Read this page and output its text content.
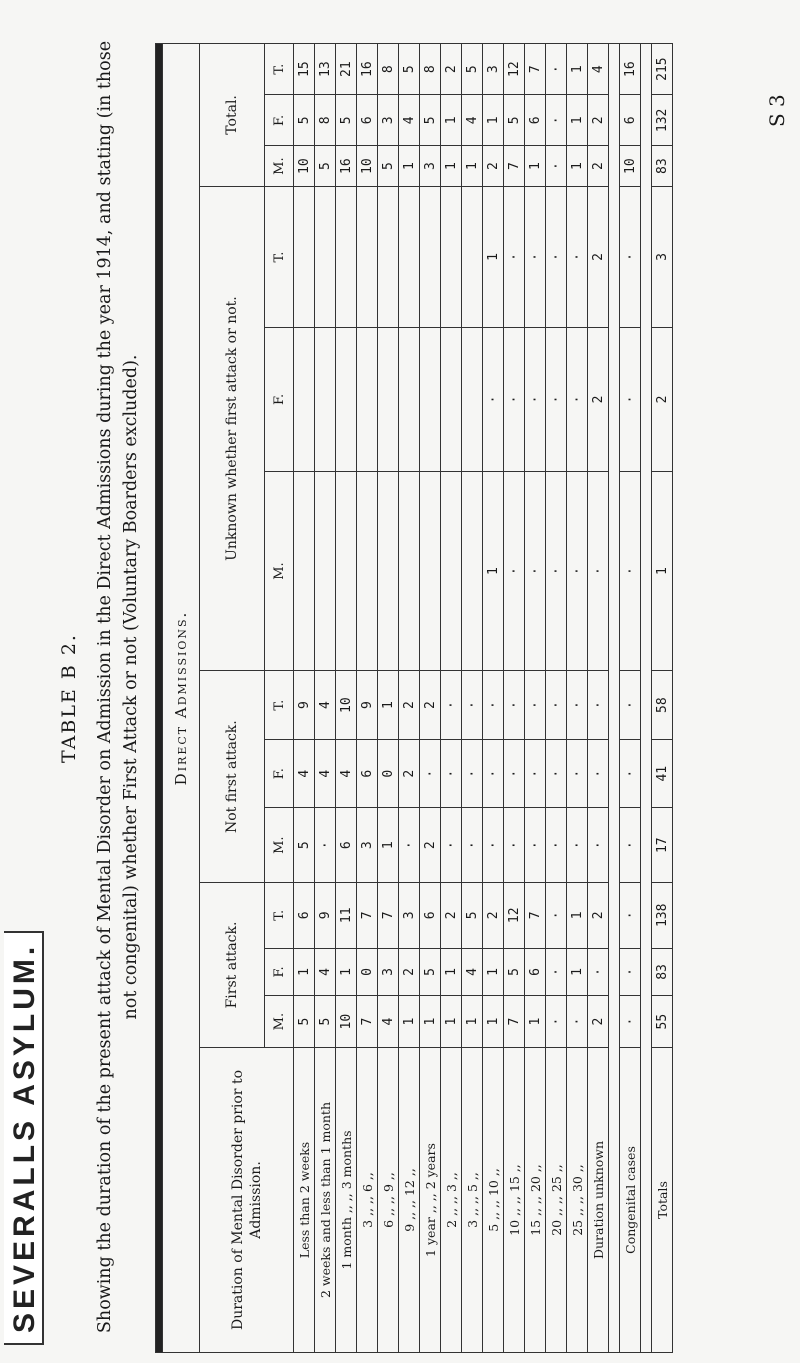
SEVERALLS ASYLUM.
TABLE B 2. Showing the duration of the present attack of Mental Disorder on Admission in the Direct Admissions during the year 1914, and stating (in those not congenital) whether First Attack or not (Voluntary Boarders excluded). Direct Admissions.												
Duration of Mental Disorder prior to Admission.	First attack.			Not first attack.			Unknown whether first attack or not.			Total.		
	M.	F.	T.	M.	F.	T.	M.	F.	T.	M.	F.	T.
Less than 2 weeks	5	1	6	5	4	9				10	5	15
2 weeks and less than 1 month	5	4	9	·	4	4				5	8	13
1 month ,, ,, 3 months	10	1	11	6	4	10				16	5	21
3 ,, ,, 6 ,,	7	0	7	3	6	9				10	6	16
6 ,, ,, 9 ,,	4	3	7	1	0	1				5	3	8
9 ,, ,, 12 ,,	1	2	3	·	2	2				1	4	5
1 year ,, ,, 2 years	1	5	6	2	·	2				3	5	8
2 ,, ,, 3 ,,	1	1	2	·	·	·				1	1	2
3 ,, ,, 5 ,,	1	4	5	·	·	·				1	4	5
5 ,, ,, 10 ,,	1	1	2	·	·	·	1	·	1	2	1	3
10 ,, ,, 15 ,,	7	5	12	·	·	·	·	·	·	7	5	12
15 ,, ,, 20 ,,	1	6	7	·	·	·	·	·	·	1	6	7
20 ,, ,, 25 ,,	·	·	·	·	·	·	·	·	·	·	·	·
25 ,, ,, 30 ,,	·	1	1	·	·	·	·	·	·	1	1	1
Duration unknown	2	·	2	·	·	·	·	2	2	2	2	4

Congenital cases	·	·	·	·	·	·	·	·	·	10	6	16

Totals	55	83	138	17	41	58	1	2	3	83	132	215
S 3
